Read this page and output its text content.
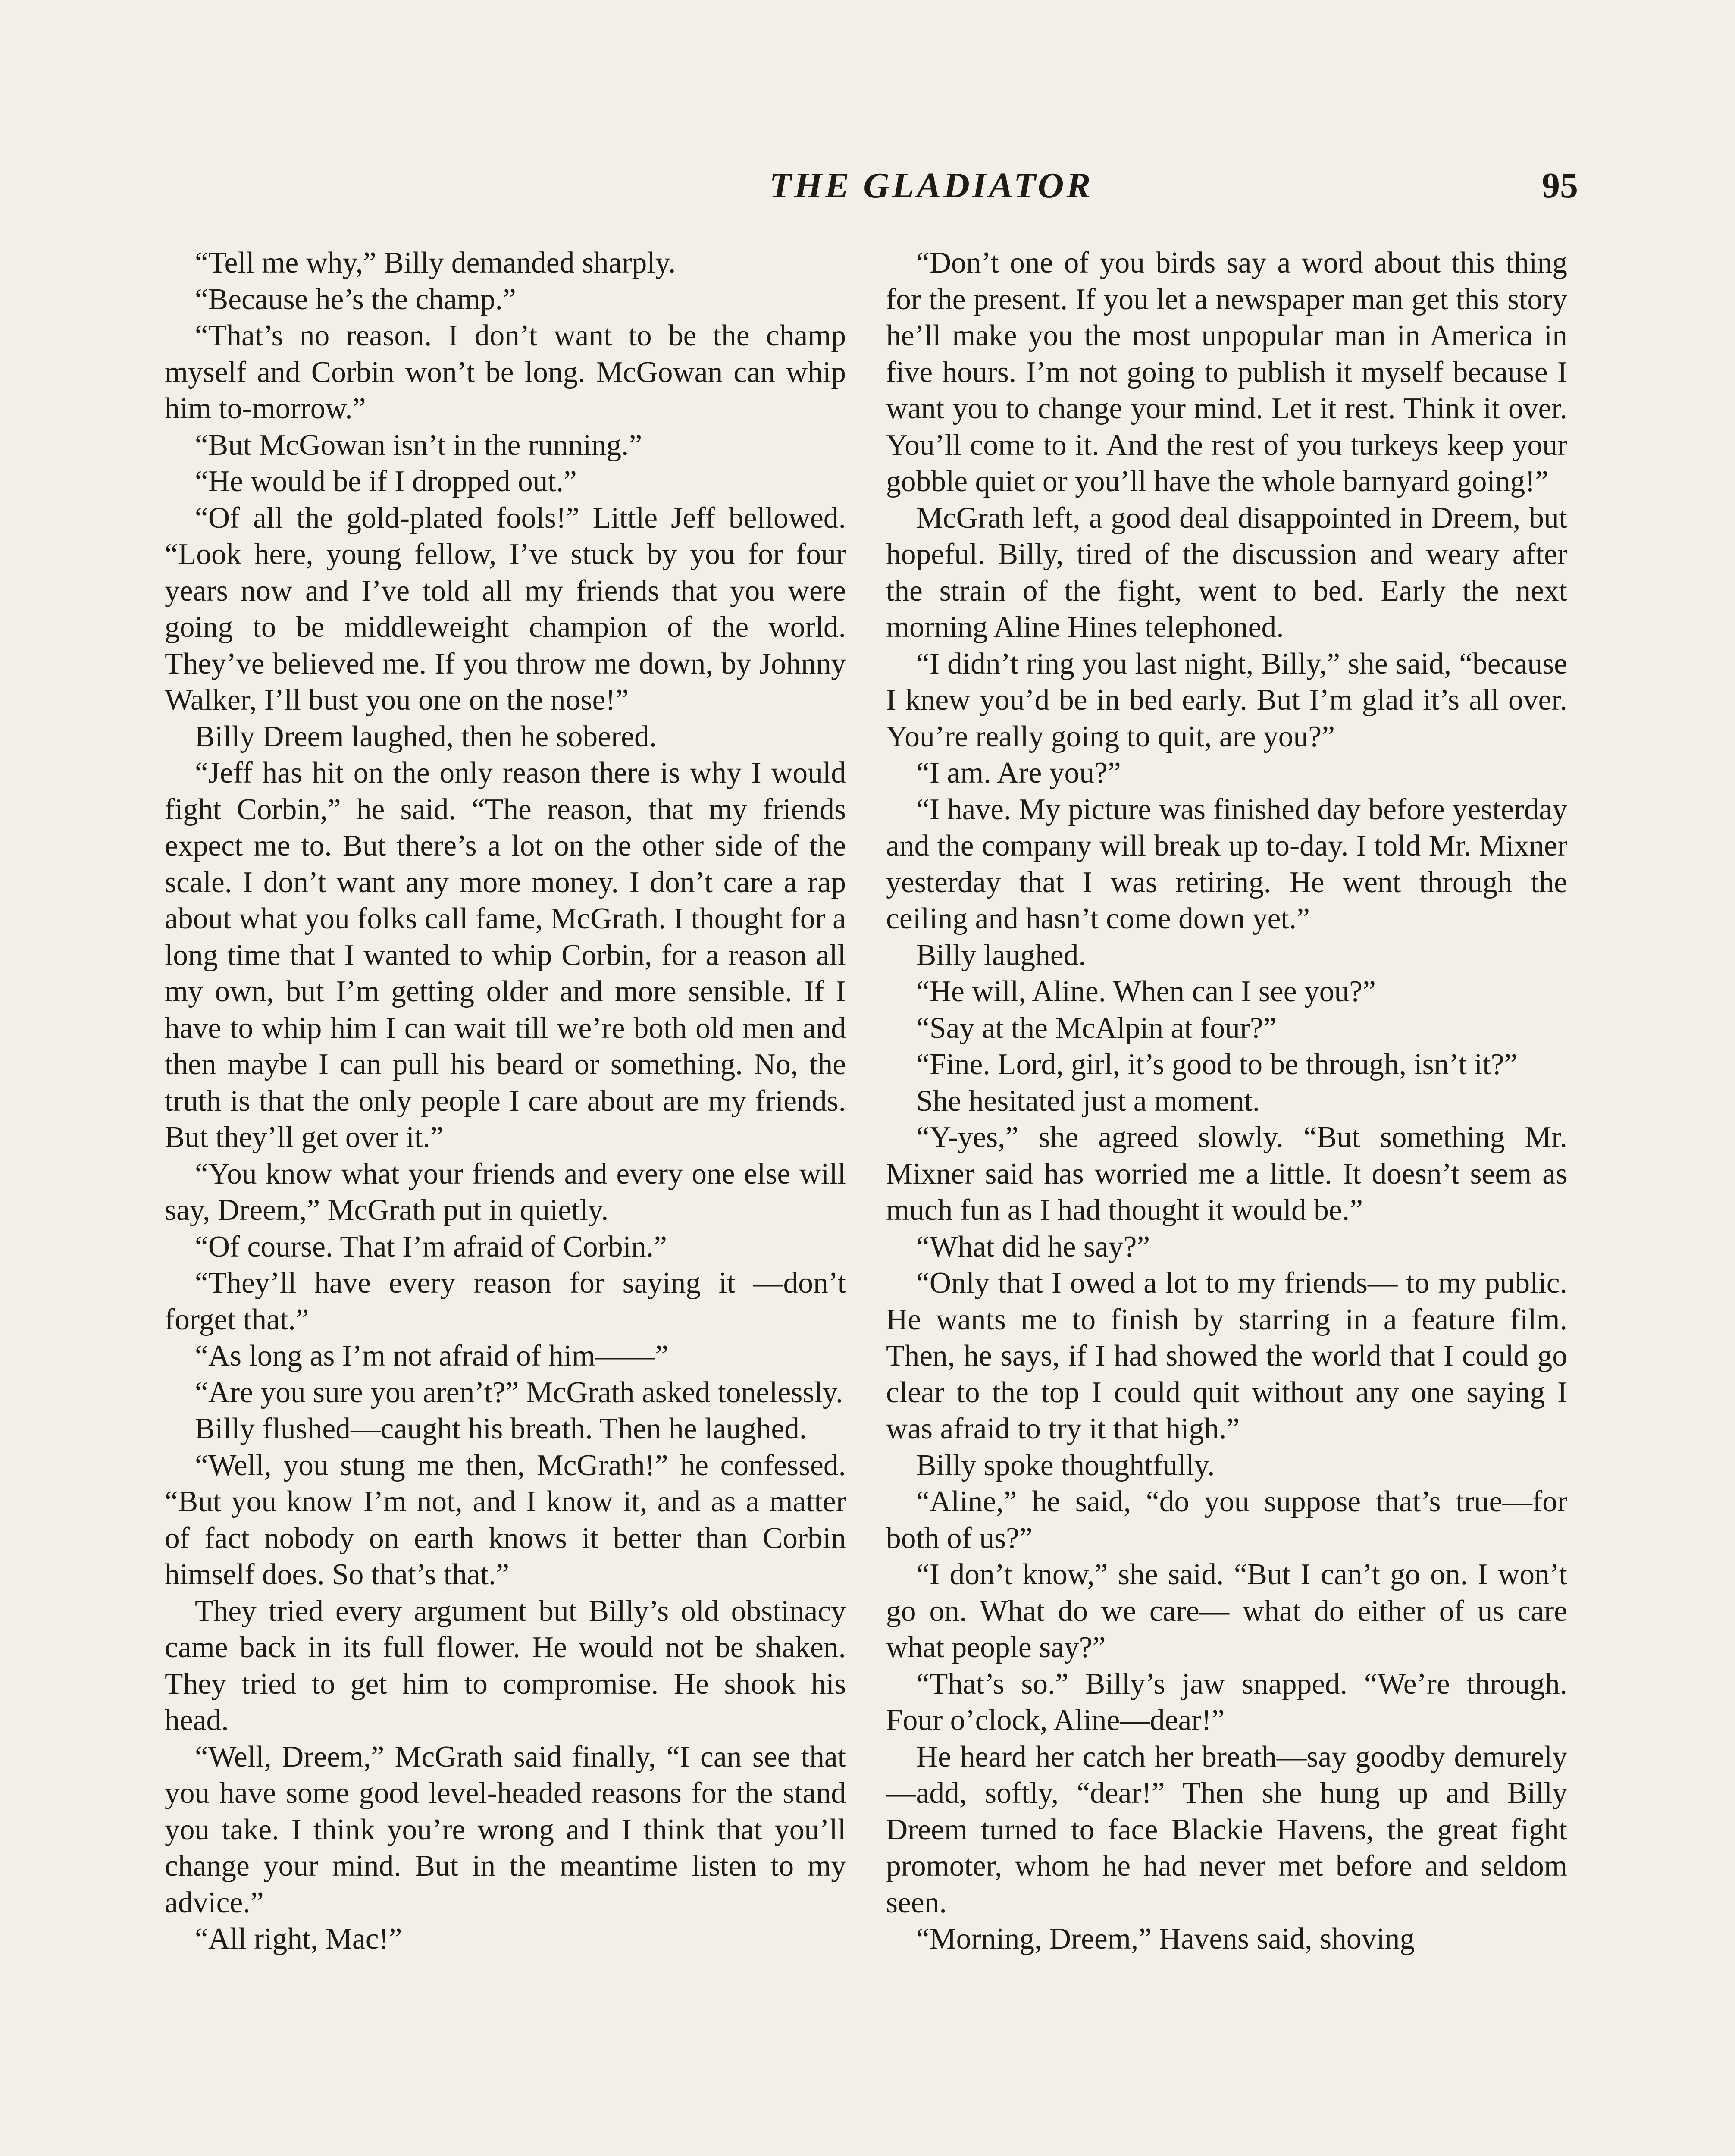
THE GLADIATOR	95

“Tell me why,” Billy demanded sharply.

“Because he’s the champ.”

“That’s no reason. I don’t want to be the champ myself and Corbin won’t be long. McGowan can whip him to-morrow.”

“But McGowan isn’t in the running.”

“He would be if I dropped out.”

“Of all the gold-plated fools!” Little Jeff bellowed. “Look here, young fellow, I’ve stuck by you for four years now and I’ve told all my friends that you were going to be middleweight champion of the world. They’ve believed me. If you throw me down, by Johnny Walker, I’ll bust you one on the nose!”

Billy Dreem laughed, then he sobered.

“Jeff has hit on the only reason there is why I would fight Corbin,” he said. “The reason, that my friends expect me to. But there’s a lot on the other side of the scale. I don’t want any more money. I don’t care a rap about what you folks call fame, McGrath. I thought for a long time that I wanted to whip Corbin, for a reason all my own, but I’m getting older and more sensible. If I have to whip him I can wait till we’re both old men and then maybe I can pull his beard or something. No, the truth is that the only people I care about are my friends. But they’ll get over it.”

“You know what your friends and every one else will say, Dreem,” McGrath put in quietly.

“Of course. That I’m afraid of Corbin.”

“They’ll have every reason for saying it —don’t forget that.”

“As long as I’m not afraid of him——”

“Are you sure you aren’t?” McGrath asked tonelessly.

Billy flushed—caught his breath. Then he laughed.

“Well, you stung me then, McGrath!” he confessed. “But you know I’m not, and I know it, and as a matter of fact nobody on earth knows it better than Corbin himself does. So that’s that.”

They tried every argument but Billy’s old obstinacy came back in its full flower. He would not be shaken. They tried to get him to compromise. He shook his head.

“Well, Dreem,” McGrath said finally, “I can see that you have some good level-headed reasons for the stand you take. I think you’re wrong and I think that you’ll change your mind. But in the meantime listen to my advice.”

“All right, Mac!”

“Don’t one of you birds say a word about this thing for the present. If you let a newspaper man get this story he’ll make you the most unpopular man in America in five hours. I’m not going to publish it myself because I want you to change your mind. Let it rest. Think it over. You’ll come to it. And the rest of you turkeys keep your gobble quiet or you’ll have the whole barnyard going!”

McGrath left, a good deal disappointed in Dreem, but hopeful. Billy, tired of the discussion and weary after the strain of the fight, went to bed. Early the next morning Aline Hines telephoned.

“I didn’t ring you last night, Billy,” she said, “because I knew you’d be in bed early. But I’m glad it’s all over. You’re really going to quit, are you?”

“I am. Are you?”

“I have. My picture was finished day before yesterday and the company will break up to-day. I told Mr. Mixner yesterday that I was retiring. He went through the ceiling and hasn’t come down yet.”

Billy laughed.

“He will, Aline. When can I see you?”

“Say at the McAlpin at four?”

“Fine. Lord, girl, it’s good to be through, isn’t it?”

She hesitated just a moment.

“Y-yes,” she agreed slowly. “But something Mr. Mixner said has worried me a little. It doesn’t seem as much fun as I had thought it would be.”

“What did he say?”

“Only that I owed a lot to my friends— to my public. He wants me to finish by starring in a feature film. Then, he says, if I had showed the world that I could go clear to the top I could quit without any one saying I was afraid to try it that high.”

Billy spoke thoughtfully.

“Aline,” he said, “do you suppose that’s true—for both of us?”

“I don’t know,” she said. “But I can’t go on. I won’t go on. What do we care— what do either of us care what people say?”

“That’s so.” Billy’s jaw snapped. “We’re through. Four o’clock, Aline—dear!”

He heard her catch her breath—say goodby demurely—add, softly, “dear!” Then she hung up and Billy Dreem turned to face Blackie Havens, the great fight promoter, whom he had never met before and seldom seen.

“Morning, Dreem,” Havens said, shoving
